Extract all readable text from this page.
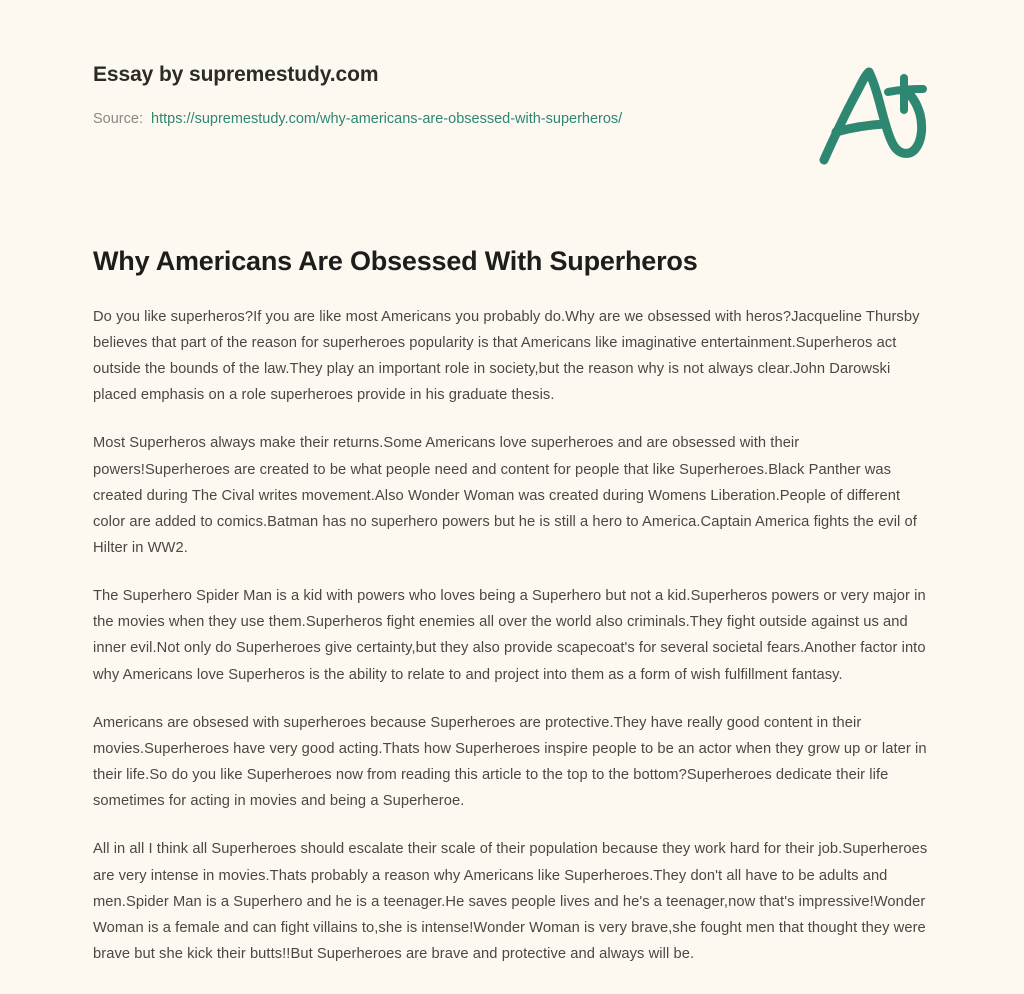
Essay by supremestudy.com
Source: https://supremestudy.com/why-americans-are-obsessed-with-superheros/
Why Americans Are Obsessed With Superheros

Do you like superheros?If you are like most Americans you probably do.Why are we obsessed with heros?Jacqueline Thursby believes that part of the reason for superheroes popularity is that Americans like imaginative entertainment.Superheros act outside the bounds of the law.They play an important role in society,but the reason why is not always clear.John Darowski placed emphasis on a role superheroes provide in his graduate thesis.

Most Superheros always make their returns.Some Americans love superheroes and are obsessed with their powers!Superheroes are created to be what people need and content for people that like Superheroes.Black Panther was created during The Cival writes movement.Also Wonder Woman was created during Womens Liberation.People of different color are added to comics.Batman has no superhero powers but he is still a hero to America.Captain America fights the evil of Hilter in WW2.

The Superhero Spider Man is a kid with powers who loves being a Superhero but not a kid.Superheros powers or very major in the movies when they use them.Superheros fight enemies all over the world also criminals.They fight outside against us and inner evil.Not only do Superheroes give certainty,but they also provide scapecoat's for several societal fears.Another factor into why Americans love Superheros is the ability to relate to and project into them as a form of wish fulfillment fantasy.

Americans are obsesed with superheroes because Superheroes are protective.They have really good content in their movies.Superheroes have very good acting.Thats how Superheroes inspire people to be an actor when they grow up or later in their life.So do you like Superheroes now from reading this article to the top to the bottom?Superheroes dedicate their life sometimes for acting in movies and being a Superheroe.

All in all I think all Superheroes should escalate their scale of their population because they work hard for their job.Superheroes are very intense in movies.Thats probably a reason why Americans like Superheroes.They don't all have to be adults and men.Spider Man is a Superhero and he is a teenager.He saves people lives and he's a teenager,now that's impressive!Wonder Woman is a female and can fight villains to,she is intense!Wonder Woman is very brave,she fought men that thought they were brave but she kick their butts!!But Superheroes are brave and protective and always will be.
